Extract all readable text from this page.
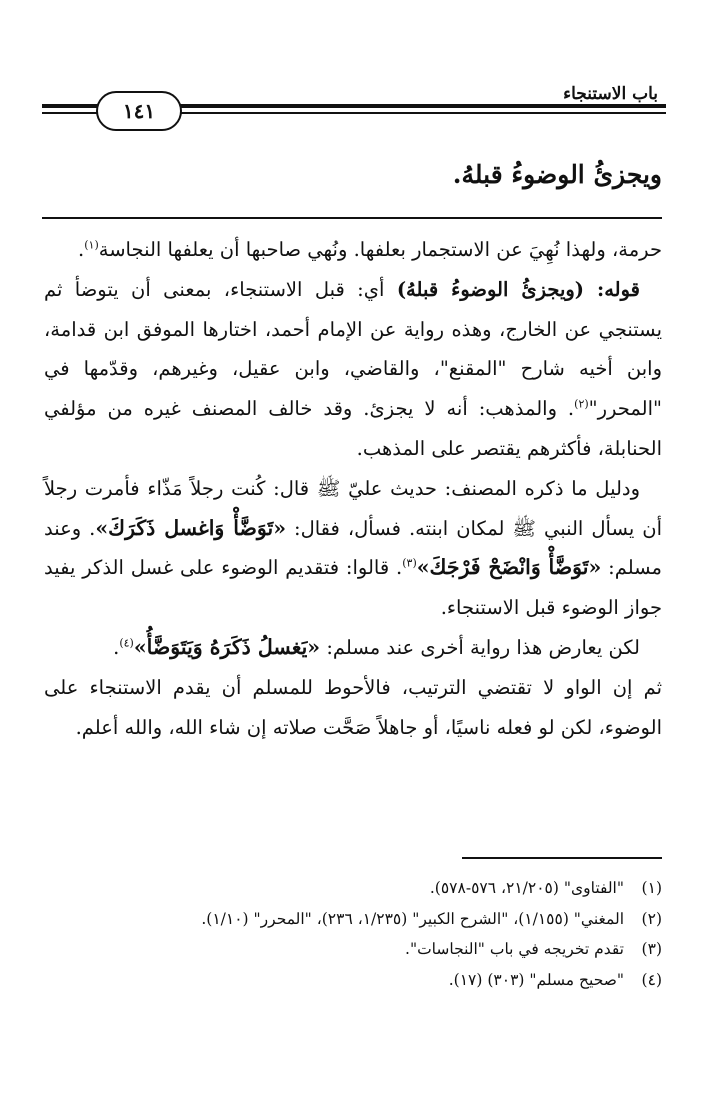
باب الاستنجاء
١٤١
ويجزئُ الوضوءُ قبلهُ.

حرمة، ولهذا نُهِيَ عن الاستجمار بعلفها. ونُهي صاحبها أن يعلفها النجاسة$^{(١)}$.

قوله: (ويجزئُ الوضوءُ قبلهُ) أي: قبل الاستنجاء، بمعنى أن يتوضأ ثم يستنجي عن الخارج، وهذه رواية عن الإمام أحمد، اختارها الموفق ابن قدامة، وابن أخيه شارح "المقنع"، والقاضي، وابن عقيل، وغيرهم، وقدّمها في "المحرر"$^{(٢)}$. والمذهب: أنه لا يجزئ. وقد خالف المصنف غيره من مؤلفي الحنابلة، فأكثرهم يقتصر على المذهب.

ودليل ما ذكره المصنف: حديث عليّ ﷺ قال: كُنت رجلاً مَذّاء فأمرت رجلاً أن يسأل النبي ﷺ لمكان ابنته. فسأل، فقال: «تَوَضَّأْ وَاغسل ذَكَرَكَ». وعند مسلم: «تَوَضَّأْ وَانْضَحْ فَرْجَكَ»$^{(٣)}$. قالوا: فتقديم الوضوء على غسل الذكر يفيد جواز الوضوء قبل الاستنجاء.

لكن يعارض هذا رواية أخرى عند مسلم: «يَغسلُ ذَكَرَهُ وَيَتَوَضَّأُ»$^{(٤)}$.

ثم إن الواو لا تقتضي الترتيب، فالأحوط للمسلم أن يقدم الاستنجاء على الوضوء، لكن لو فعله ناسيًا، أو جاهلاً صَحَّت صلاته إن شاء الله، والله أعلم.

(١)
"الفتاوى" (٢١/٢٠٥، ٥٧٦-٥٧٨).
(٢)
المغني" (١/١٥٥)، "الشرح الكبير" (١/٢٣٥، ٢٣٦)، "المحرر" (١/١٠).
(٣)
تقدم تخريجه في باب "النجاسات".
(٤)
"صحيح مسلم" (٣٠٣) (١٧).
